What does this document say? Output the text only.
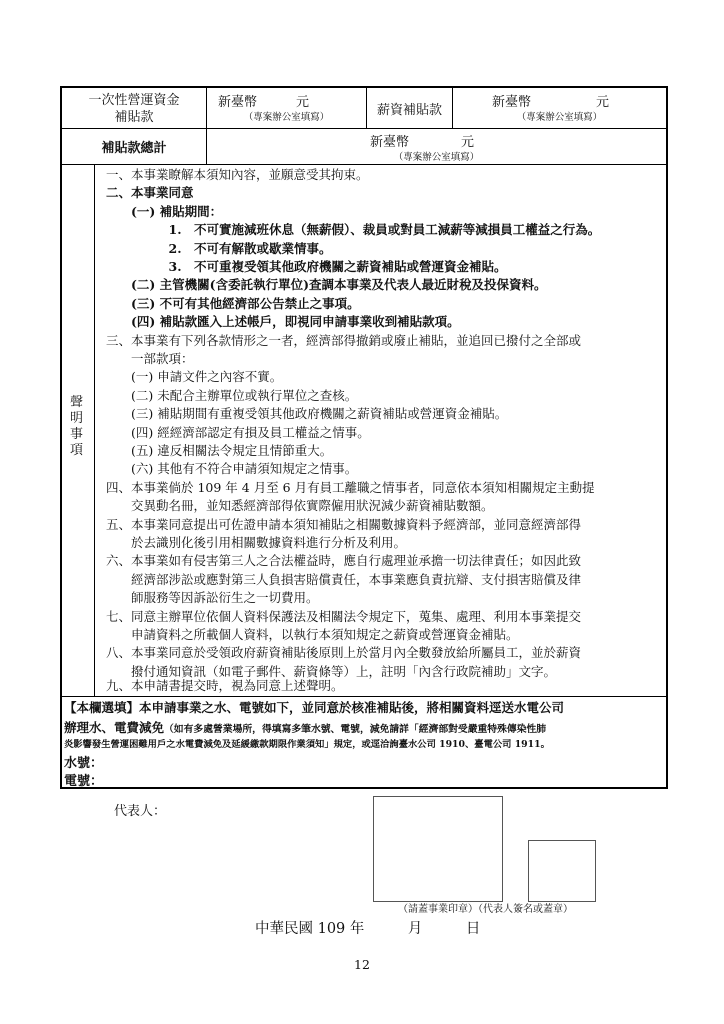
一次性營運資金
補貼款
新臺幣　　　元
（專案辦公室填寫）	薪資補貼款
新臺幣　　　　　元
（專案辦公室填寫）
補貼款總計	新臺幣　　　　元
（專案辦公室填寫）
聲明事項
一、本事業瞭解本須知內容，並願意受其拘束。
二、本事業同意
　　(一) 補貼期間：
　　　　　1.　不可實施減班休息（無薪假）、裁員或對員工減薪等減損員工權益之行為。
　　　　　2.　不可有解散或歇業情事。
　　　　　3.　不可重複受領其他政府機關之薪資補貼或營運資金補貼。
　　(二) 主管機關(含委託執行單位)查調本事業及代表人最近財稅及投保資料。
　　(三) 不可有其他經濟部公告禁止之事項。
　　(四) 補貼款匯入上述帳戶，即視同申請事業收到補貼款項。
三、本事業有下列各款情形之一者，經濟部得撤銷或廢止補貼，並追回已撥付之全部或
　　一部款項：
　　(一) 申請文件之內容不實。
　　(二) 未配合主辦單位或執行單位之查核。
　　(三) 補貼期間有重複受領其他政府機關之薪資補貼或營運資金補貼。
　　(四) 經經濟部認定有損及員工權益之情事。
　　(五) 違反相關法令規定且情節重大。
　　(六) 其他有不符合申請須知規定之情事。
四、本事業倘於 109 年 4 月至 6 月有員工離職之情事者，同意依本須知相關規定主動提
　　交異動名冊，並知悉經濟部得依實際僱用狀況減少薪資補貼數額。
五、本事業同意提出可佐證申請本須知補貼之相關數據資料予經濟部，並同意經濟部得
　　於去識別化後引用相關數據資料進行分析及利用。
六、本事業如有侵害第三人之合法權益時，應自行處理並承擔一切法律責任；如因此致
　　經濟部涉訟或應對第三人負損害賠償責任，本事業應負責抗辯、支付損害賠償及律
　　師服務等因訴訟衍生之一切費用。
七、同意主辦單位依個人資料保護法及相關法令規定下，蒐集、處理、利用本事業提交
　　申請資料之所載個人資料，以執行本須知規定之薪資或營運資金補貼。
八、本事業同意於受領政府薪資補貼後原則上於當月內全數發放給所屬員工，並於薪資
　　撥付通知資訊（如電子郵件、薪資條等）上，註明「內含行政院補助」文字。
九、本申請書提交時，視為同意上述聲明。
【本欄選填】本申請事業之水、電號如下，並同意於核准補貼後，將相關資料逕送水電公司
辦理水、電費減免（如有多處營業場所，得填寫多筆水號、電號，減免請詳「經濟部對受嚴重特殊傳染性肺
炎影響發生營運困難用戶之水電費減免及延緩繳款期限作業須知」規定，或逕洽詢臺水公司 1910、臺電公司 1911。
水號：
電號：
代表人：
（請蓋事業印章）（代表人簽名或蓋章）
中華民國 109 年　　　月　　　日
12
